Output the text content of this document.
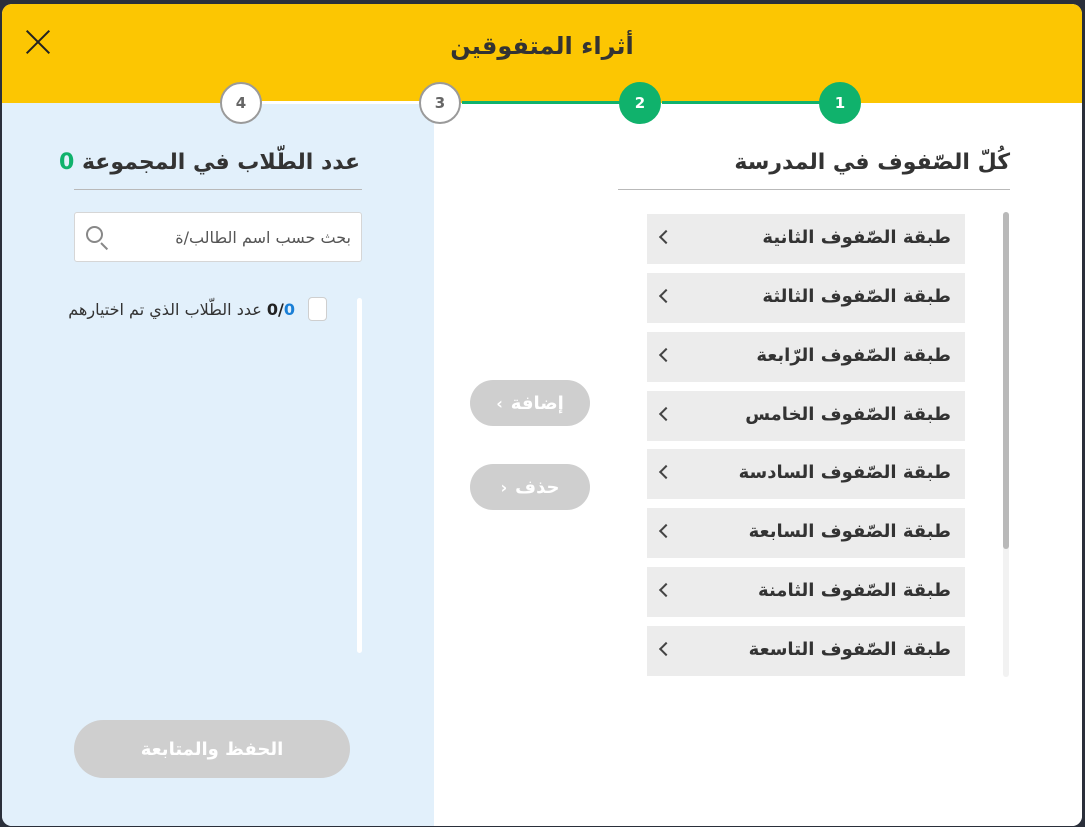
أثراء المتفوقين
1
2
3
4
كُلّ الصّفوف في المدرسة
طبقة الصّفوف الثانية
طبقة الصّفوف الثالثة
طبقة الصّفوف الرّابعة
طبقة الصّفوف الخامس
طبقة الصّفوف السادسة
طبقة الصّفوف السابعة
طبقة الصّفوف الثامنة
طبقة الصّفوف التاسعة
إضافة
›
حذف
‹
عدد الطّلاب في المجموعة 0
بحث حسب اسم الطالب/ة
0/0 عدد الطّلاب الذي تم اختيارهم
الحفظ والمتابعة
